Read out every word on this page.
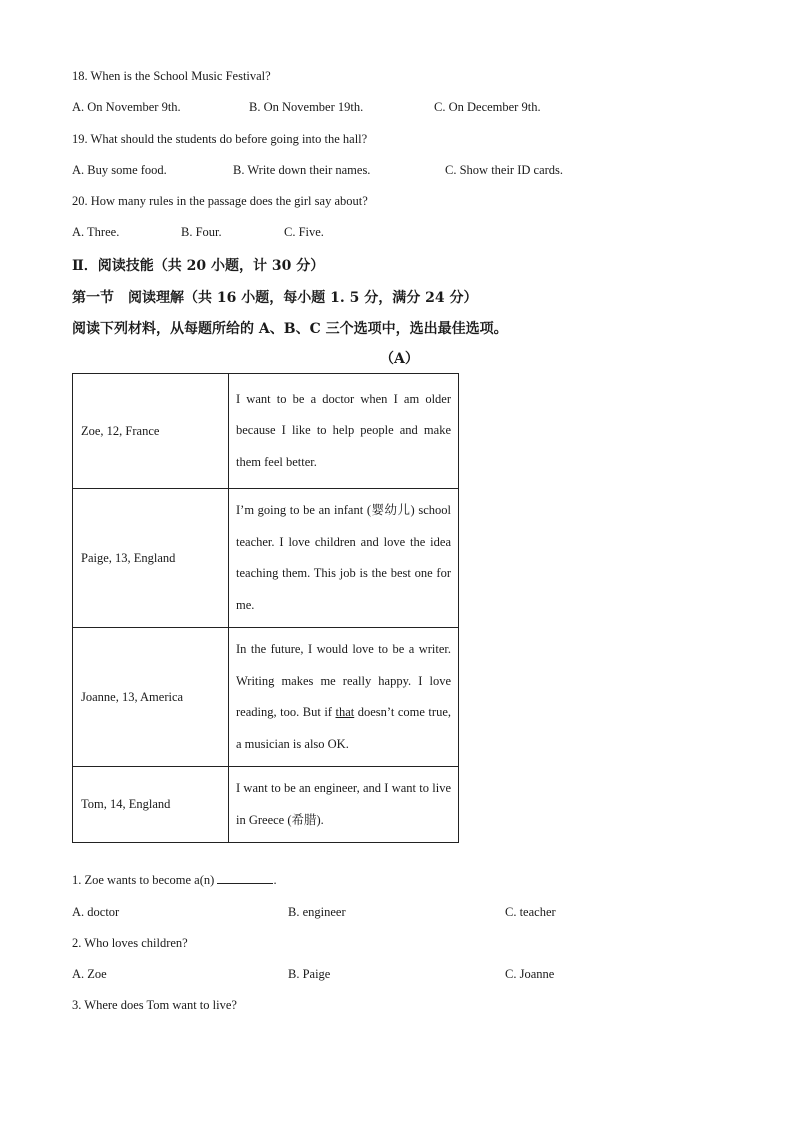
18. When is the School Music Festival?
A. On November 9th.	B. On November 19th.	C. On December 9th.
19. What should the students do before going into the hall?
A. Buy some food.	B. Write down their names.	C. Show their ID cards.
20. How many rules in the passage does the girl say about?
A. Three.	B. Four.	C. Five.
Ⅱ．阅读技能（共 20 小题，计 30 分）
第一节　阅读理解（共 16 小题，每小题 1. 5 分，满分 24 分）
阅读下列材料，从每题所给的 A、B、C 三个选项中，选出最佳选项。
（A）
Zoe, 12, France	I want to be a doctor when I am older because I like to help people and make them feel better.
Paige, 13, England	I’m going to be an infant (婴幼儿) school teacher. I love children and love the idea teaching them. This job is the best one for me.
Joanne, 13, America	In the future, I would love to be a writer. Writing makes me really happy. I love reading, too. But if that doesn’t come true, a musician is also OK.
Tom, 14, England	I want to be an engineer, and I want to live in Greece (希腊).
1. Zoe wants to become a(n)	.
A. doctor	B. engineer	C. teacher
2. Who loves children?
A. Zoe	B. Paige	C. Joanne
3. Where does Tom want to live?
